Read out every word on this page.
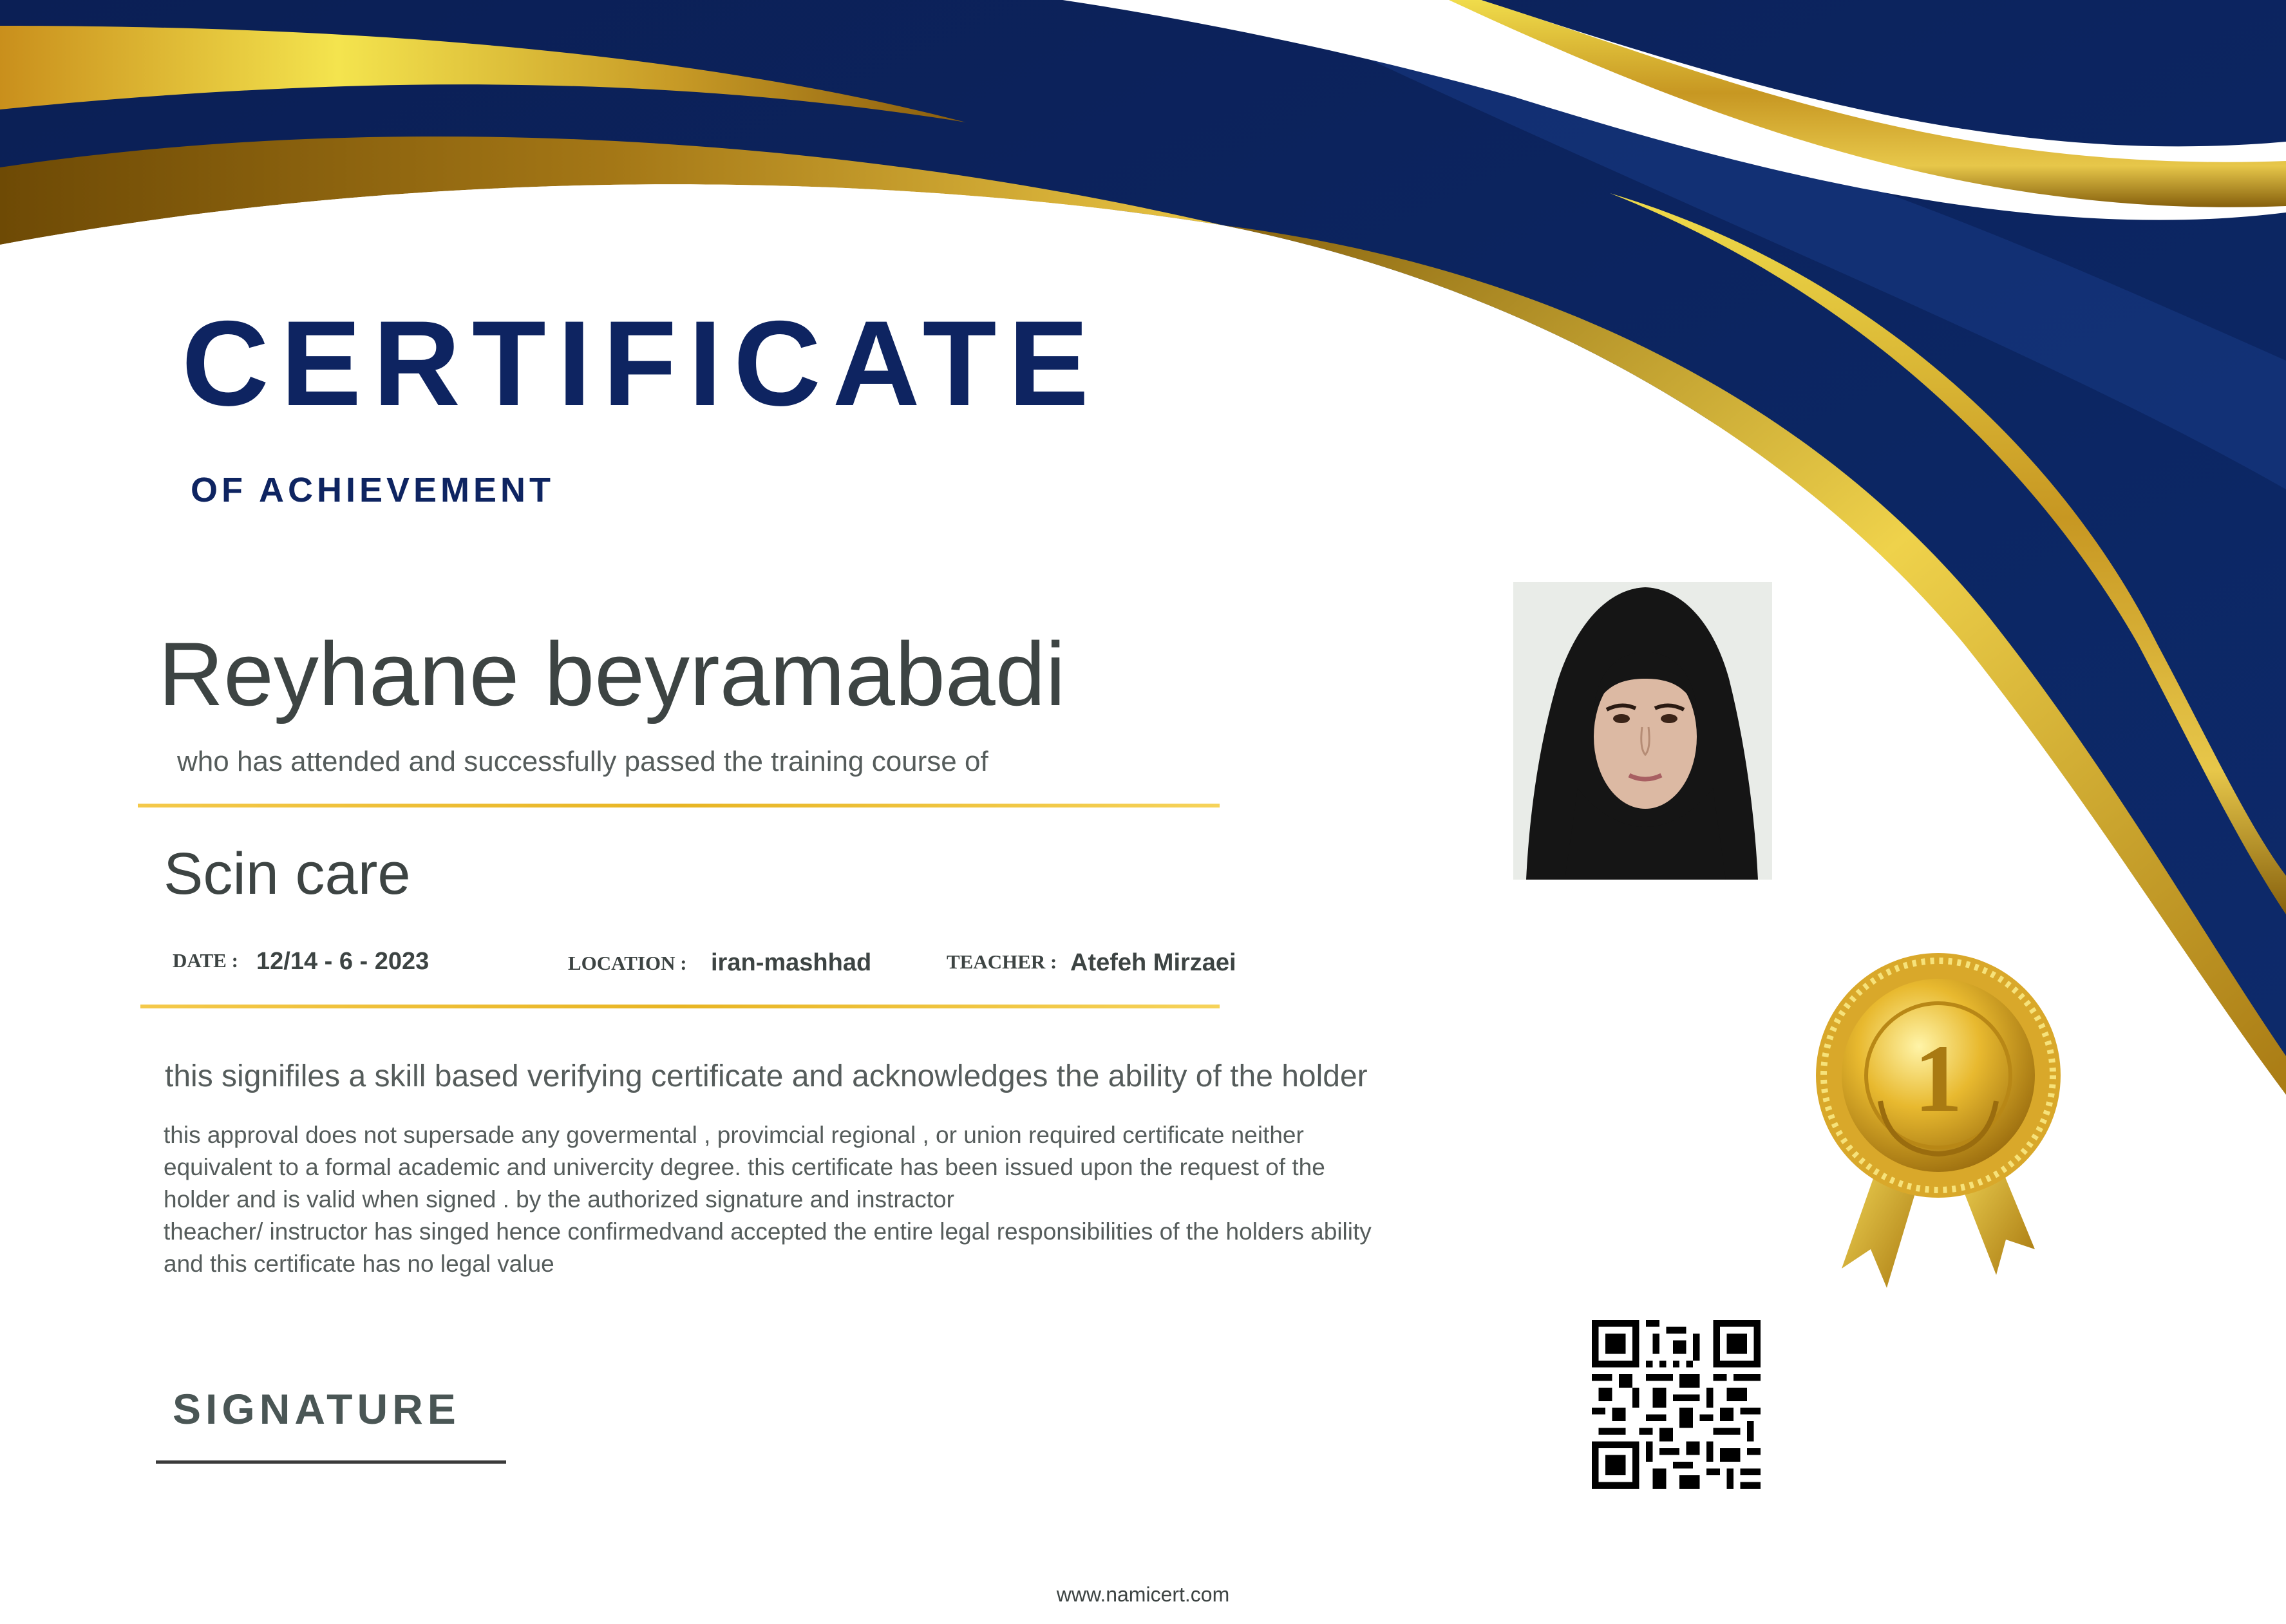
CERTIFICATE
OF ACHIEVEMENT
Reyhane beyramabadi
who has attended and successfully passed the training course of
Scin care
DATE : 12/14 - 6 - 2023	LOCATION : iran-mashhad	TEACHER : Atefeh Mirzaei
this signifiles a skill based verifying certificate and acknowledges the ability of the holder
this approval does not supersade any govermental , provimcial regional , or union required certificate neither
equivalent to a formal academic and univercity degree. this certificate has been issued upon the request of the
holder and is valid when signed . by the authorized signature and instractor
theacher/ instructor has singed hence confirmedvand accepted the entire legal responsibilities of the holders ability
and this certificate has no legal value
SIGNATURE
www.namicert.com
1
